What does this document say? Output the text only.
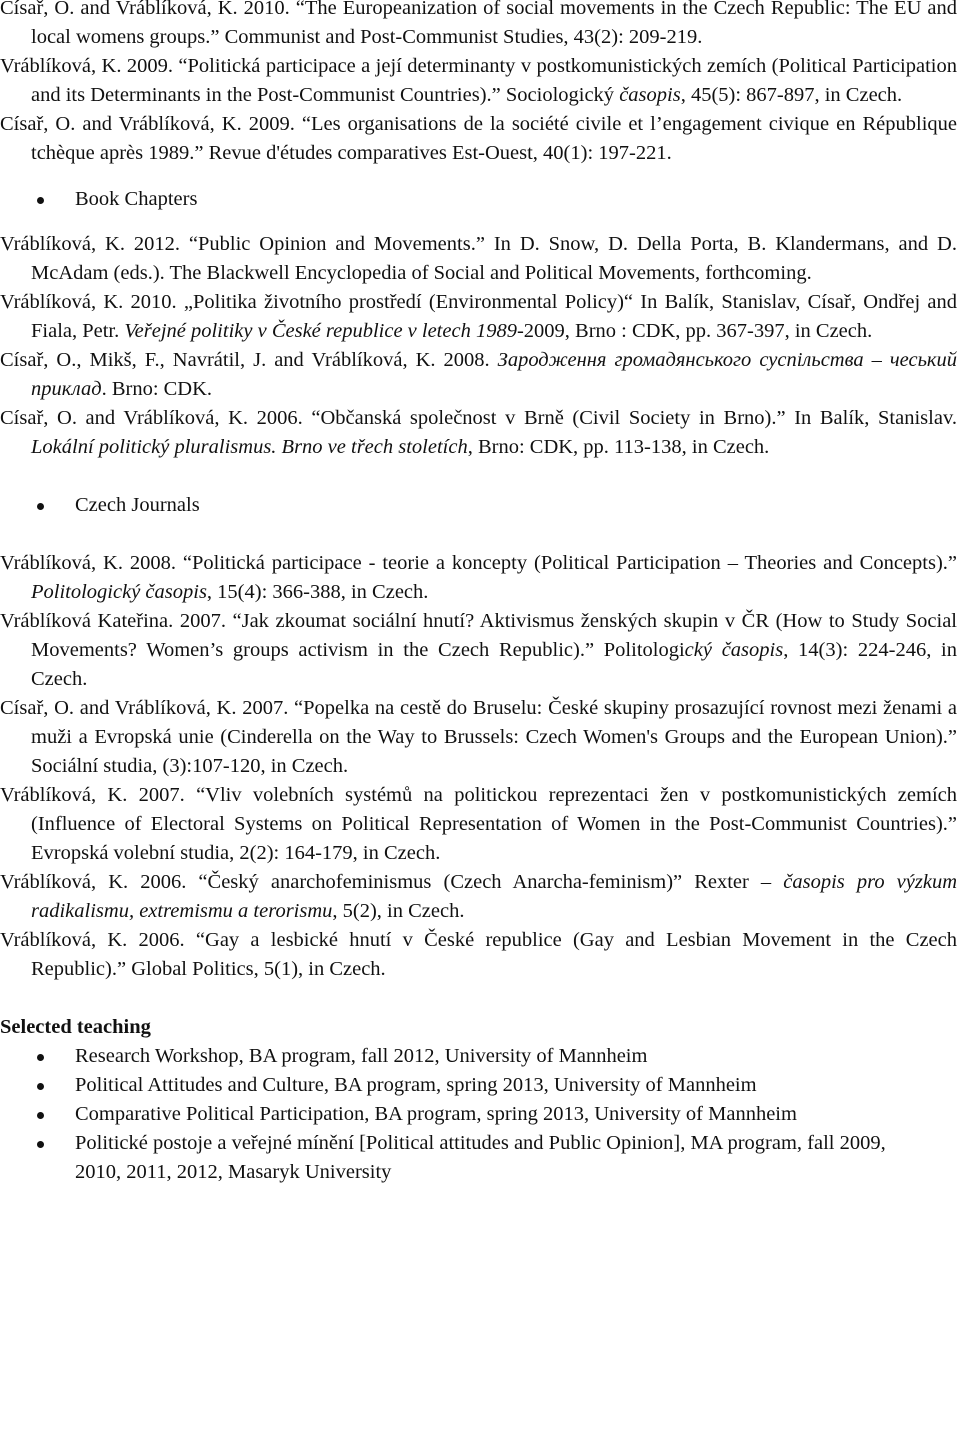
Císař, O. and Vráblíková, K. 2010. “The Europeanization of social movements in the Czech Republic: The EU and local womens groups.” Communist and Post-Communist Studies, 43(2): 209-219.

Vráblíková, K. 2009. “Politická participace a její determinanty v postkomunistických zemích (Political Participation and its Determinants in the Post-Communist Countries).” Sociologický časopis, 45(5): 867-897, in Czech.

Císař, O. and Vráblíková, K. 2009. “Les organisations de la société civile et l’engagement civique en République tchèque après 1989.” Revue d'études comparatives Est-Ouest, 40(1): 197-221.

Book Chapters

Vráblíková, K. 2012. “Public Opinion and Movements.” In D. Snow, D. Della Porta, B. Klandermans, and D. McAdam (eds.). The Blackwell Encyclopedia of Social and Political Movements, forthcoming.

Vráblíková, K. 2010. „Politika životního prostředí (Environmental Policy)“ In Balík, Stanislav, Císař, Ondřej and Fiala, Petr. Veřejné politiky v České republice v letech 1989-2009, Brno : CDK, pp. 367-397, in Czech.

Císař, O., Mikš, F., Navrátil, J. and Vráblíková, K. 2008. Зародження громадянського суспільства – чеський приклад. Brno: CDK.

Císař, O. and Vráblíková, K. 2006. “Občanská společnost v Brně (Civil Society in Brno).” In Balík, Stanislav. Lokální politický pluralismus. Brno ve třech stoletích, Brno: CDK, pp. 113-138, in Czech.

Czech Journals

Vráblíková, K. 2008. “Politická participace - teorie a koncepty (Political Participation – Theories and Concepts).” Politologický časopis, 15(4): 366-388, in Czech.

Vráblíková Kateřina. 2007. “Jak zkoumat sociální hnutí? Aktivismus ženských skupin v ČR (How to Study Social Movements? Women’s groups activism in the Czech Republic).” Politologický časopis, 14(3): 224-246, in Czech.

Císař, O. and Vráblíková, K. 2007. “Popelka na cestě do Bruselu: České skupiny prosazující rovnost mezi ženami a muži a Evropská unie (Cinderella on the Way to Brussels: Czech Women's Groups and the European Union).” Sociální studia, (3):107-120, in Czech.

Vráblíková, K. 2007. “Vliv volebních systémů na politickou reprezentaci žen v postkomunistických zemích (Influence of Electoral Systems on Political Representation of Women in the Post-Communist Countries).” Evropská volební studia, 2(2): 164-179, in Czech.

Vráblíková, K. 2006. “Český anarchofeminismus (Czech Anarcha-feminism)” Rexter – časopis pro výzkum radikalismu, extremismu a terorismu, 5(2), in Czech.

Vráblíková, K. 2006. “Gay a lesbické hnutí v České republice (Gay and Lesbian Movement in the Czech Republic).” Global Politics, 5(1), in Czech.

Selected teaching
Research Workshop, BA program, fall 2012, University of Mannheim
Political Attitudes and Culture, BA program, spring 2013, University of Mannheim
Comparative Political Participation, BA program, spring 2013, University of Mannheim
Politické postoje a veřejné mínění [Political attitudes and Public Opinion], MA program, fall 2009, 2010, 2011, 2012, Masaryk University
